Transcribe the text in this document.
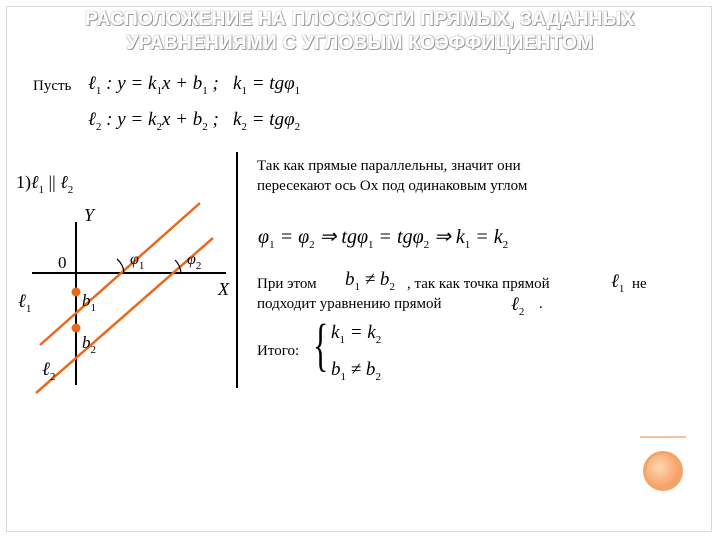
РАСПОЛОЖЕНИЕ НА ПЛОСКОСТИ ПРЯМЫХ, ЗАДАННЫХ
УРАВНЕНИЯМИ С УГЛОВЫМ КОЭФФИЦИЕНТОМ
Пусть ℓ$_1$ : $y = k_1x + b_1$ ;   $k_1 = tg\varphi_1$
ℓ$_2$ : $y = k_2x + b_2$ ;   $k_2 = tg\varphi_2$
1)ℓ$_1$ || ℓ$_2$
Y
X
0	$\varphi_1$	$\varphi_2$
$b_1$
$b_2$
ℓ$_1$
ℓ$_2$
Так как прямые параллельны, значит они
пересекают ось Ox под одинаковым углом
$\varphi_1 = \varphi_2$ ⇒ tgφ$_1$ = tgφ$_2$ ⇒ $k_1 = k_2$
При этом $b_1 \ne b_2$ , так как точка прямой	ℓ$_1$ не
подходит уравнению прямой	ℓ$_2$ .
Итого: { $k_1 = k_2$
$b_1 \ne b_2$
